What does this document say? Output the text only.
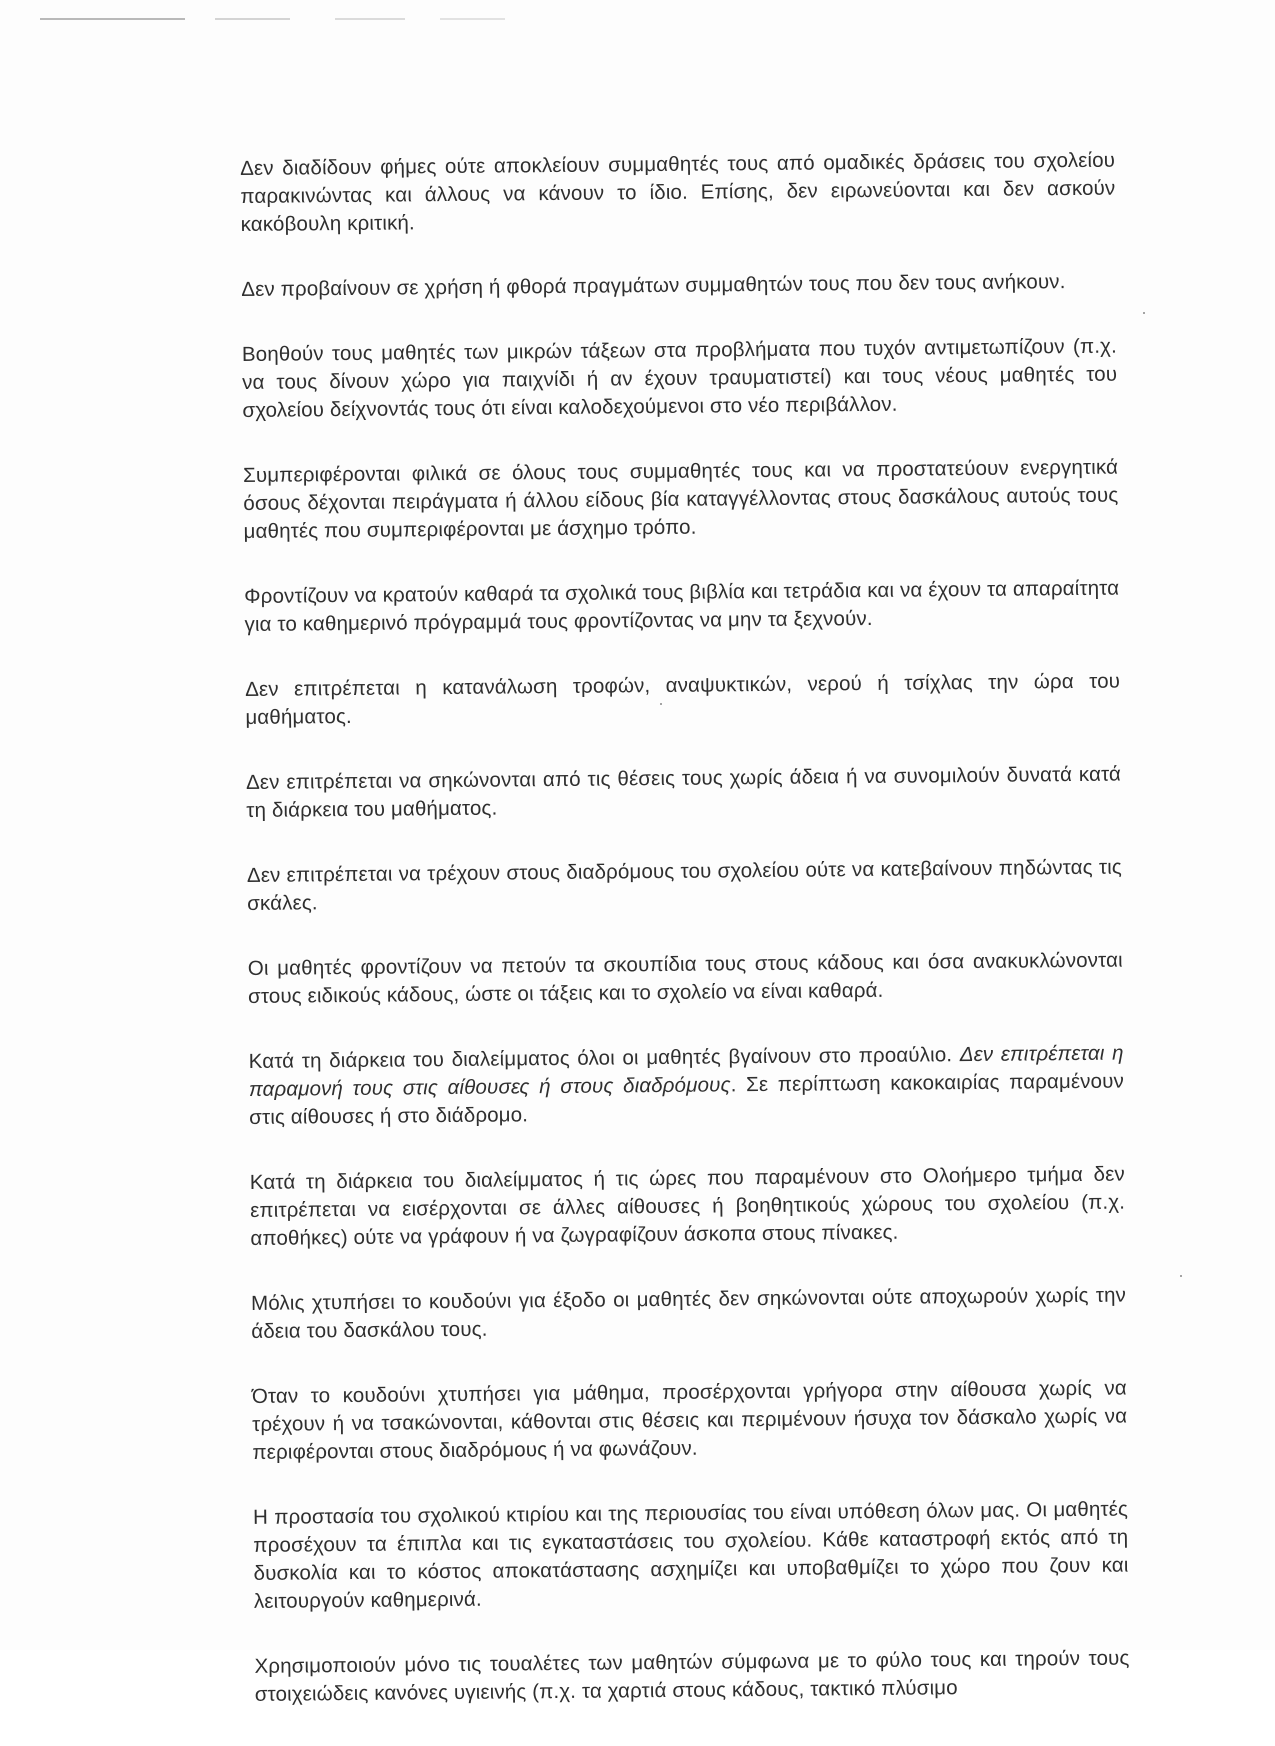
Δεν διαδίδουν φήμες ούτε αποκλείουν συμμαθητές τους από ομαδικές δράσεις του σχολείου παρακινώντας και άλλους να κάνουν το ίδιο. Επίσης, δεν ειρωνεύονται και δεν ασκούν κακόβουλη κριτική.

Δεν προβαίνουν σε χρήση ή φθορά πραγμάτων συμμαθητών τους που δεν τους ανήκουν.

Βοηθούν τους μαθητές των μικρών τάξεων στα προβλήματα που τυχόν αντιμετωπίζουν (π.χ. να τους δίνουν χώρο για παιχνίδι ή αν έχουν τραυματιστεί) και τους νέους μαθητές του σχολείου δείχνοντάς τους ότι είναι καλοδεχούμενοι στο νέο περιβάλλον.

Συμπεριφέρονται φιλικά σε όλους τους συμμαθητές τους και να προστατεύουν ενεργητικά όσους δέχονται πειράγματα ή άλλου είδους βία καταγγέλλοντας στους δασκάλους αυτούς τους μαθητές που συμπεριφέρονται με άσχημο τρόπο.

Φροντίζουν να κρατούν καθαρά τα σχολικά τους βιβλία και τετράδια και να έχουν τα απαραίτητα για το καθημερινό πρόγραμμά τους φροντίζοντας να μην τα ξεχνούν.

Δεν επιτρέπεται η κατανάλωση τροφών, αναψυκτικών, νερού ή τσίχλας την ώρα του μαθήματος.

Δεν επιτρέπεται να σηκώνονται από τις θέσεις τους χωρίς άδεια ή να συνομιλούν δυνατά κατά τη διάρκεια του μαθήματος.

Δεν επιτρέπεται να τρέχουν στους διαδρόμους του σχολείου ούτε να κατεβαίνουν πηδώντας τις σκάλες.

Οι μαθητές φροντίζουν να πετούν τα σκουπίδια τους στους κάδους και όσα ανακυκλώνονται στους ειδικούς κάδους, ώστε οι τάξεις και το σχολείο να είναι καθαρά.

Κατά τη διάρκεια του διαλείμματος όλοι οι μαθητές βγαίνουν στο προαύλιο. Δεν επιτρέπεται η παραμονή τους στις αίθουσες ή στους διαδρόμους. Σε περίπτωση κακοκαιρίας παραμένουν στις αίθουσες ή στο διάδρομο.

Κατά τη διάρκεια του διαλείμματος ή τις ώρες που παραμένουν στο Ολοήμερο τμήμα δεν επιτρέπεται να εισέρχονται σε άλλες αίθουσες ή βοηθητικούς χώρους του σχολείου (π.χ. αποθήκες) ούτε να γράφουν ή να ζωγραφίζουν άσκοπα στους πίνακες.

Μόλις χτυπήσει το κουδούνι για έξοδο οι μαθητές δεν σηκώνονται ούτε αποχωρούν χωρίς την άδεια του δασκάλου τους.

Όταν το κουδούνι χτυπήσει για μάθημα, προσέρχονται γρήγορα στην αίθουσα χωρίς να τρέχουν ή να τσακώνονται, κάθονται στις θέσεις και περιμένουν ήσυχα τον δάσκαλο χωρίς να περιφέρονται στους διαδρόμους ή να φωνάζουν.

Η προστασία του σχολικού κτιρίου και της περιουσίας του είναι υπόθεση όλων μας. Οι μαθητές προσέχουν τα έπιπλα και τις εγκαταστάσεις του σχολείου. Κάθε καταστροφή εκτός από τη δυσκολία και το κόστος αποκατάστασης ασχημίζει και υποβαθμίζει το χώρο που ζουν και λειτουργούν καθημερινά.

Χρησιμοποιούν μόνο τις τουαλέτες των μαθητών σύμφωνα με το φύλο τους και τηρούν τους στοιχειώδεις κανόνες υγιεινής (π.χ. τα χαρτιά στους κάδους, τακτικό πλύσιμο
